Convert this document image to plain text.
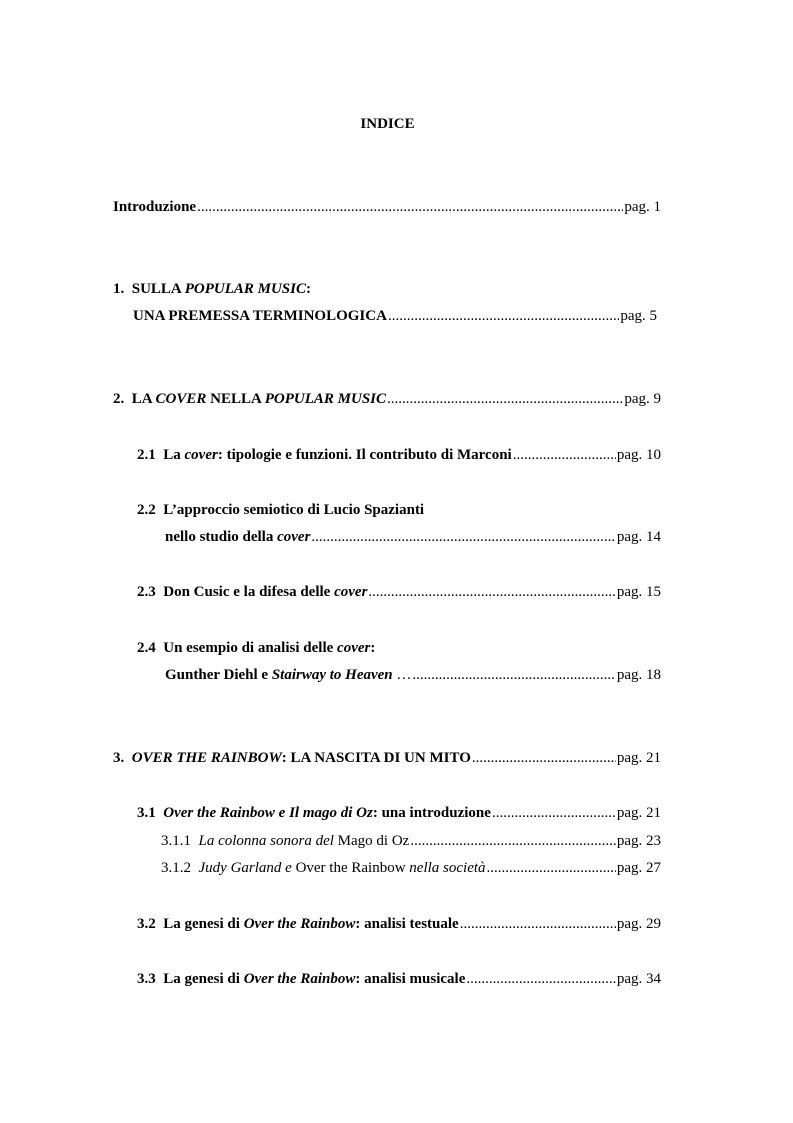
INDICE
Introduzione .....	pag. 1
1. SULLA POPULAR MUSIC:
UNA PREMESSA TERMINOLOGICA .....	pag. 5
2. LA COVER NELLA POPULAR MUSIC .....	pag. 9
2.1 La cover: tipologie e funzioni. Il contributo di Marconi .....	pag. 10
2.2 L’approccio semiotico di Lucio Spazianti
nello studio della cover .....	pag. 14
2.3 Don Cusic e la difesa delle cover .....	pag. 15
2.4 Un esempio di analisi delle cover:
Gunther Diehl e Stairway to Heaven … .....	pag. 18
3. OVER THE RAINBOW: LA NASCITA DI UN MITO .....	pag. 21
3.1 Over the Rainbow e Il mago di Oz: una introduzione .....	pag. 21
3.1.1 La colonna sonora del Mago di Oz .....	pag. 23
3.1.2 Judy Garland e Over the Rainbow nella società .....	pag. 27
3.2 La genesi di Over the Rainbow: analisi testuale .....	pag. 29
3.3 La genesi di Over the Rainbow: analisi musicale .....	pag. 34
